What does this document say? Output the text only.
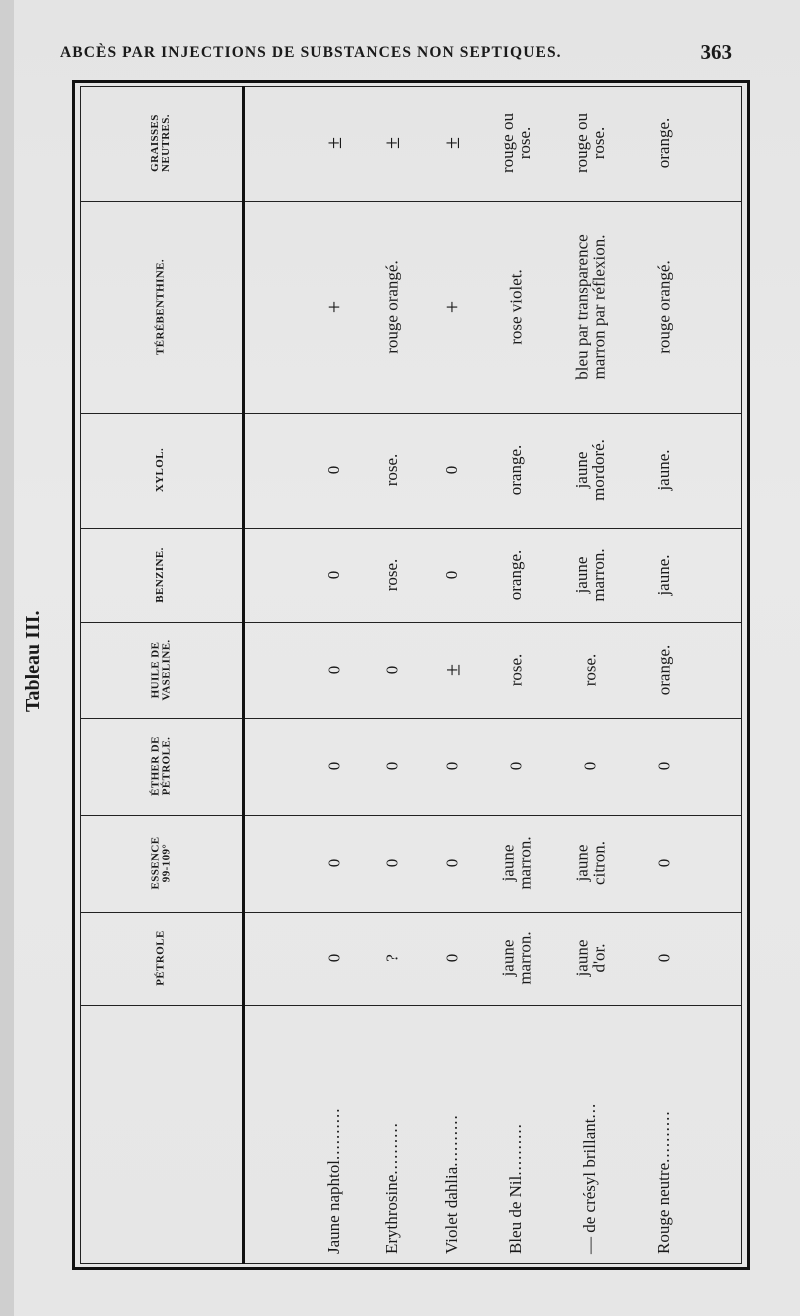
ABCÈS PAR INJECTIONS DE SUBSTANCES NON SEPTIQUES.	363
Tableau III.
PÉTROLE
ESSENCE 99-109°
ÉTHER DE PÉTROLE.
HUILE DE VASELINE.
BENZINE.
XYLOL.
TÉRÉBENTHINE.
GRAISSES NEUTRES.
Jaune naphtol..........
0
0
0
0
0
0
+
±
Erythrosine..........
?
0
0
0
rose.
rose.
rouge orangé.
±
Violet dahlia..........
0
0
0
±
0
0
+
±
Bleu de Nil..........
jaune
marron.
jaune
marron.
0
rose.
orange.
orange.
rose violet.
rouge ou
rose.
— de crésyl brillant...
jaune
d'or.
jaune
citron.
0
rose.
jaune
marron.
jaune
mordoré.
bleu par transparence
marron par réflexion.
rouge ou
rose.
Rouge neutre..........
0
0
0
orange.
jaune.
jaune.
rouge orangé.
orange.
